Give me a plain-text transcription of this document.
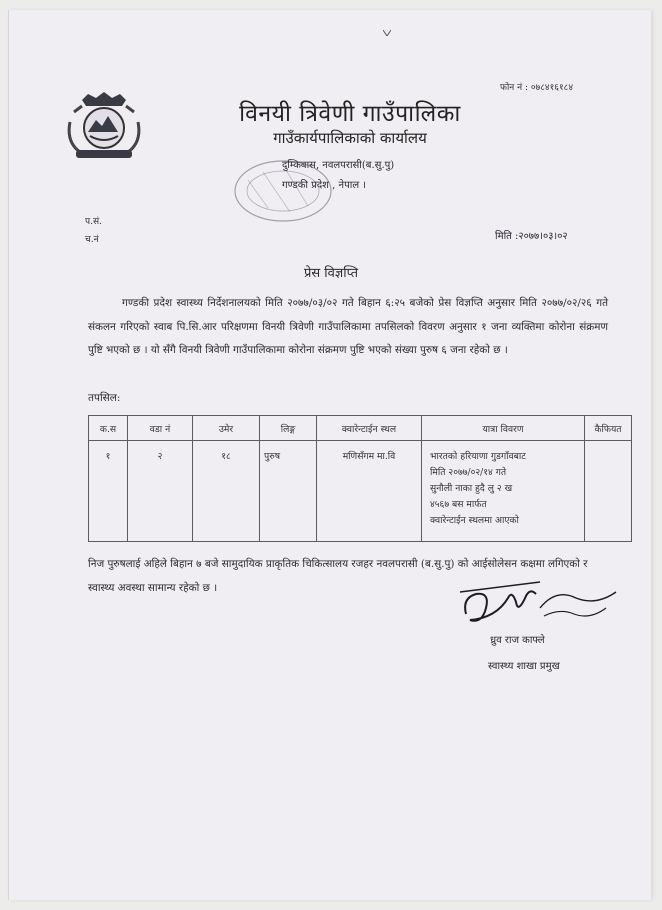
फोन नं : ०७८४१६१८४
विनयी त्रिवेणी गाउँपालिका
गाउँकार्यपालिकाको कार्यालय
दुम्किबास, नवलपरासी(ब.सु.पु)
गण्डकी प्रदेश , नेपाल ।
प.सं.
च.नं	मिति :२०७७।०३।०२
प्रेस विज्ञप्ति
गण्डकी प्रदेश स्वास्थ्य निर्देशनालयको मिति २०७७/०३/०२ गते बिहान ६:२५ बजेको प्रेस विज्ञप्ति अनुसार मिति २०७७/०२/२६ गते संकलन गरिएको स्वाब पि.सि.आर परिक्षणमा विनयी त्रिवेणी गाउँपालिकामा तपसिलको विवरण अनुसार १ जना व्यक्तिमा कोरोना संक्रमण पुष्टि भएको छ । यो सँगै विनयी त्रिवेणी गाउँपालिकामा कोरोना संक्रमण पुष्टि भएको संख्या पुरुष ६ जना रहेको छ ।
तपसिल:
क.स	वडा नं	उमेर	लिङ्ग	क्वारेन्टाईन स्थल	यात्रा विवरण	कैफियत
१	२	१८	पुरुष	मणिसँगम मा.वि	भारतको हरियाणा गुडगाँवबाट
मिति २०७७/०२/१४ गते
सुनौली नाका हुदै लु २ ख
४५६७ बस मार्फत
क्वारेन्टाईन स्थलमा आएको	

निज पुरुषलाई अहिले बिहान ७ बजे सामुदायिक प्राकृतिक चिकित्सालय रजहर नवलपरासी (ब.सु.पु) को आईसोलेसन कक्षमा लगिएको र स्वास्थ्य अवस्था सामान्य रहेको छ ।
ध्रुव राज काफ्ले
स्वास्थ्य शाखा प्रमुख
